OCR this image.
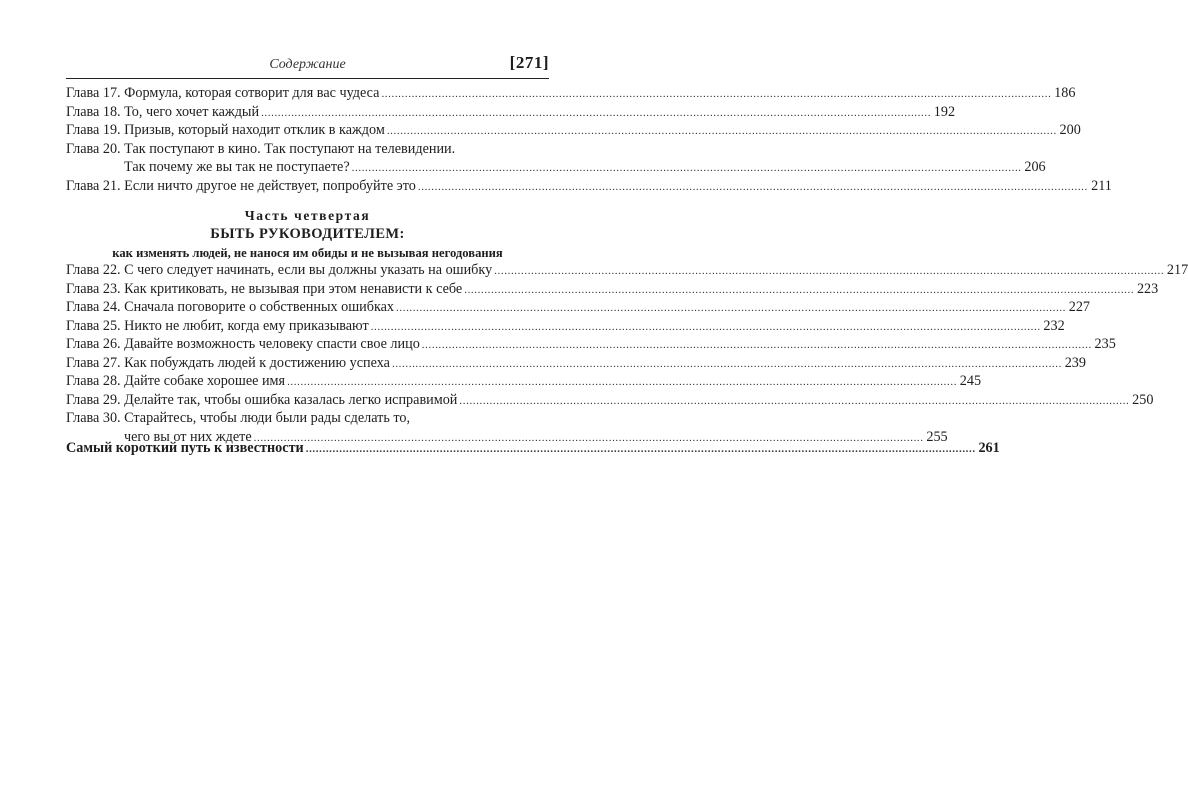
Содержание	[271]
Глава 17. Формула, которая сотворит для вас чудеса ........................................................................................................................................................................................................ 186
Глава 18. То, чего хочет каждый ........................................................................................................................................................................................................ 192
Глава 19. Призыв, который находит отклик в каждом ........................................................................................................................................................................................................ 200
Глава 20. Так поступают в кино. Так поступают на телевидении.
Так почему же вы так не поступаете? ........................................................................................................................................................................................................ 206
Глава 21. Если ничто другое не действует, попробуйте это ........................................................................................................................................................................................................ 211
Часть четвертая
БЫТЬ РУКОВОДИТЕЛЕМ:
как изменять людей, не нанося им обиды и не вызывая негодования
Глава 22. С чего следует начинать, если вы должны указать на ошибку ........................................................................................................................................................................................................ 217
Глава 23. Как критиковать, не вызывая при этом ненависти к себе ........................................................................................................................................................................................................ 223
Глава 24. Сначала поговорите о собственных ошибках ........................................................................................................................................................................................................ 227
Глава 25. Никто не любит, когда ему приказывают ........................................................................................................................................................................................................ 232
Глава 26. Давайте возможность человеку спасти свое лицо ........................................................................................................................................................................................................ 235
Глава 27. Как побуждать людей к достижению успеха ........................................................................................................................................................................................................ 239
Глава 28. Дайте собаке хорошее имя ........................................................................................................................................................................................................ 245
Глава 29. Делайте так, чтобы ошибка казалась легко исправимой ........................................................................................................................................................................................................ 250
Глава 30. Старайтесь, чтобы люди были рады сделать то,
чего вы от них ждете ........................................................................................................................................................................................................ 255
Самый короткий путь к известности ........................................................................................................................................................................................................ 261
